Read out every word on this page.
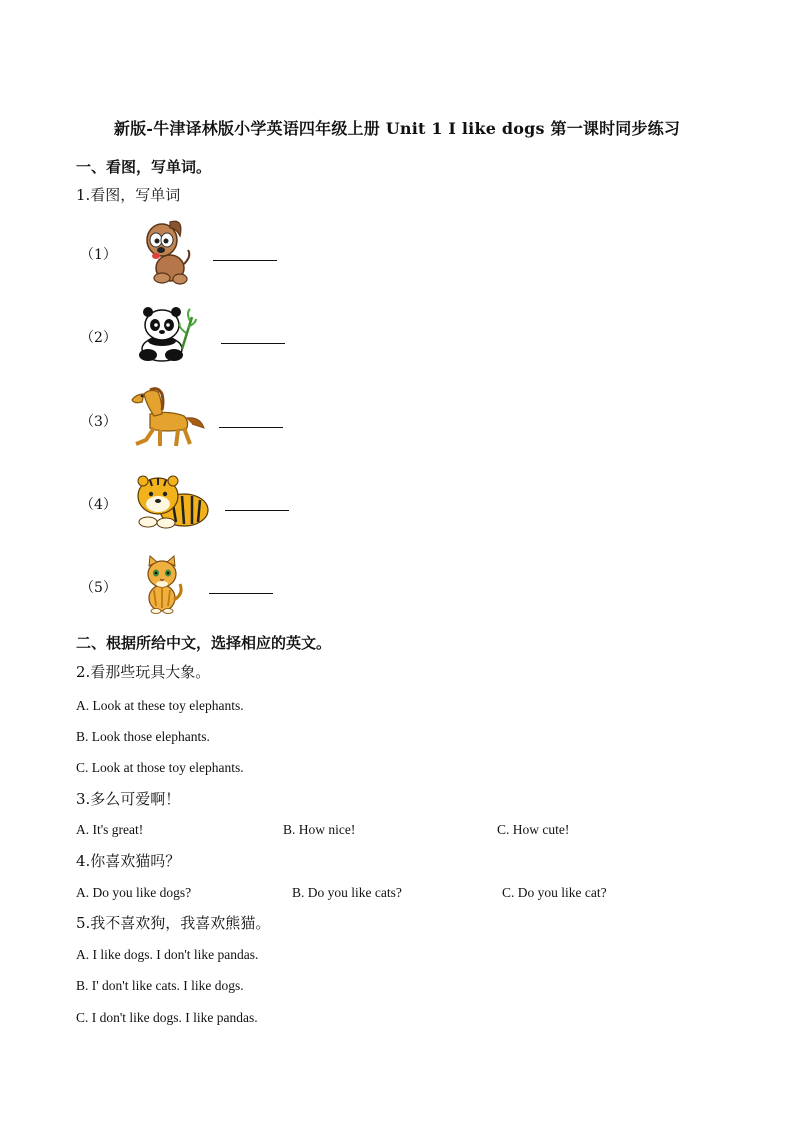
新版-牛津译林版小学英语四年级上册 Unit 1 I like dogs 第一课时同步练习
一、看图，写单词。
1.看图，写单词
（1）
（2）
（3）
（4）
（5）
二、根据所给中文，选择相应的英文。
2.看那些玩具大象。
A. Look at these toy elephants.
B. Look those elephants.
C. Look at those toy elephants.
3.多么可爱啊！
A. It's great!	B. How nice!	C. How cute!
4.你喜欢猫吗？
A. Do you like dogs?	B. Do you like cats?	C. Do you like cat?
5.我不喜欢狗，我喜欢熊猫。
A. I like dogs. I don't like pandas.
B. I' don't like cats. I like dogs.
C. I don't like dogs. I like pandas.
